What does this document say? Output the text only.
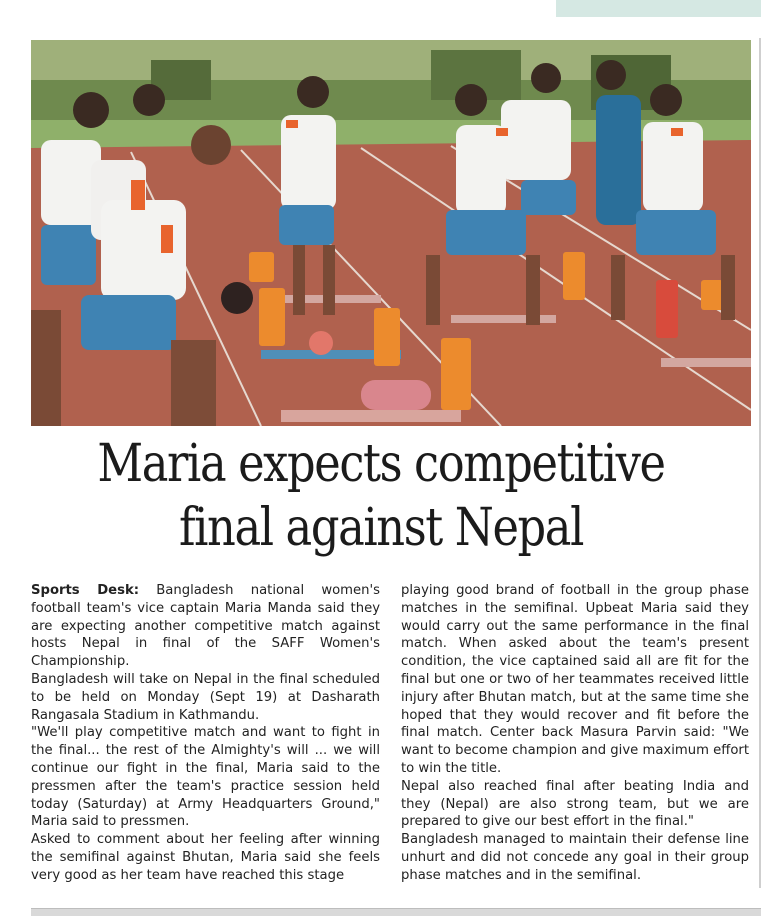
Maria expects competitive
final against Nepal

Sports Desk: Bangladesh national women's football team's vice captain Maria Manda said they are expecting another competitive match against hosts Nepal in final of the SAFF Women's Championship.

Bangladesh will take on Nepal in the final scheduled to be held on Monday (Sept 19) at Dasharath Rangasala Stadium in Kathmandu.

"We'll play competitive match and want to fight in the final... the rest of the Almighty's will ... we will continue our fight in the final, Maria said to the pressmen after the team's practice session held today (Saturday) at Army Headquarters Ground," Maria said to pressmen.

Asked to comment about her feeling after winning the semifinal against Bhutan, Maria said she feels very good as her team have reached this stage

playing good brand of football in the group phase matches in the semifinal. Upbeat Maria said they would carry out the same performance in the final match. When asked about the team's present condition, the vice captained said all are fit for the final but one or two of her teammates received little injury after Bhutan match, but at the same time she hoped that they would recover and fit before the final match. Center back Masura Parvin said: "We want to become champion and give maximum effort to win the title.

Nepal also reached final after beating India and they (Nepal) are also strong team, but we are prepared to give our best effort in the final."

Bangladesh managed to maintain their defense line unhurt and did not concede any goal in their group phase matches and in the semifinal.
